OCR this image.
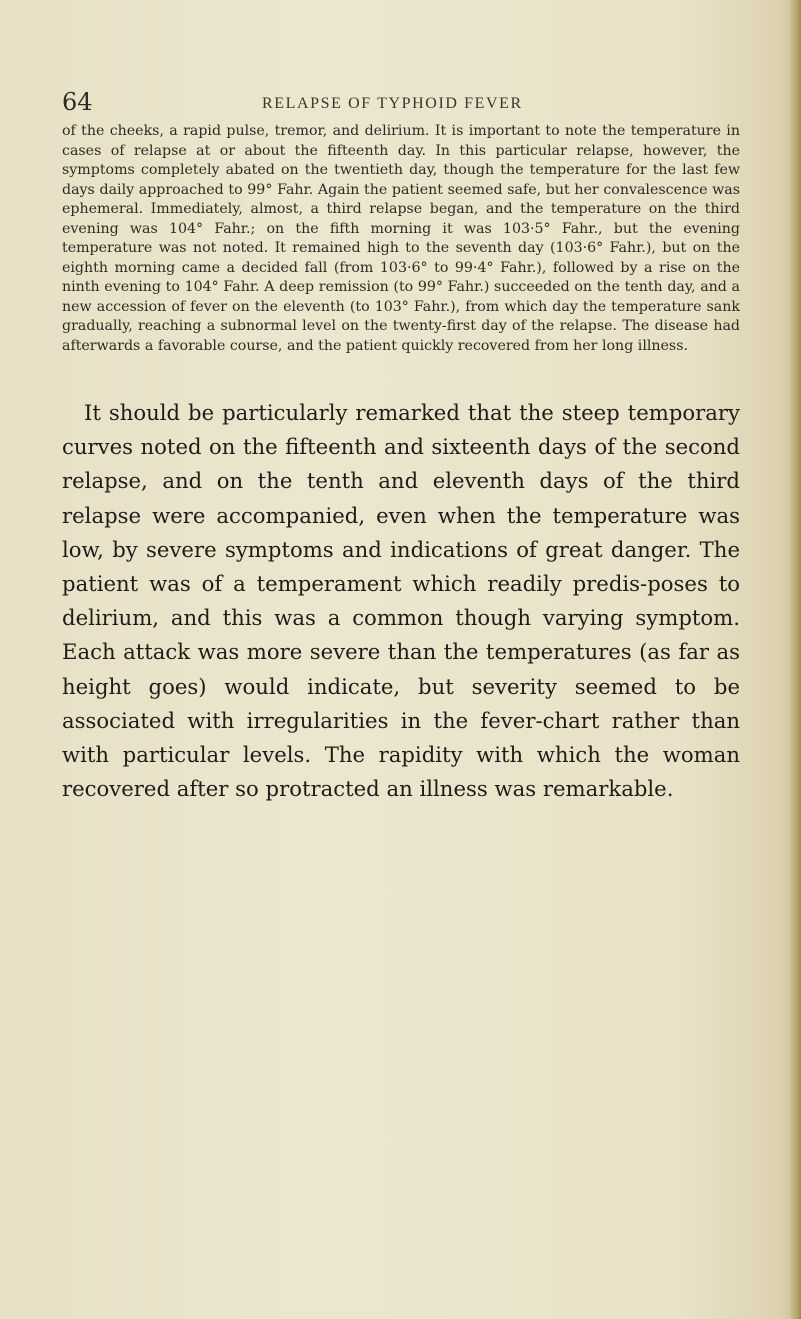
64	RELAPSE OF TYPHOID FEVER

of the cheeks, a rapid pulse, tremor, and delirium. It is important to note the temperature in cases of relapse at or about the fifteenth day. In this particular relapse, however, the symptoms completely abated on the twentieth day, though the temperature for the last few days daily approached to 99° Fahr. Again the patient seemed safe, but her convalescence was ephemeral. Immediately, almost, a third relapse began, and the temperature on the third evening was 104° Fahr.; on the fifth morning it was 103·5° Fahr., but the evening temperature was not noted. It remained high to the seventh day (103·6° Fahr.), but on the eighth morning came a decided fall (from 103·6° to 99·4° Fahr.), followed by a rise on the ninth evening to 104° Fahr. A deep remission (to 99° Fahr.) succeeded on the tenth day, and a new accession of fever on the eleventh (to 103° Fahr.), from which day the temperature sank gradually, reaching a subnormal level on the twenty-first day of the relapse. The disease had afterwards a favorable course, and the patient quickly recovered from her long illness.

It should be particularly remarked that the steep temporary curves noted on the fifteenth and sixteenth days of the second relapse, and on the tenth and eleventh days of the third relapse were accompanied, even when the temperature was low, by severe symptoms and indications of great danger. The patient was of a temperament which readily predis-poses to delirium, and this was a common though varying symptom. Each attack was more severe than the temperatures (as far as height goes) would indicate, but severity seemed to be associated with irregularities in the fever-chart rather than with particular levels. The rapidity with which the woman recovered after so protracted an illness was remarkable.
